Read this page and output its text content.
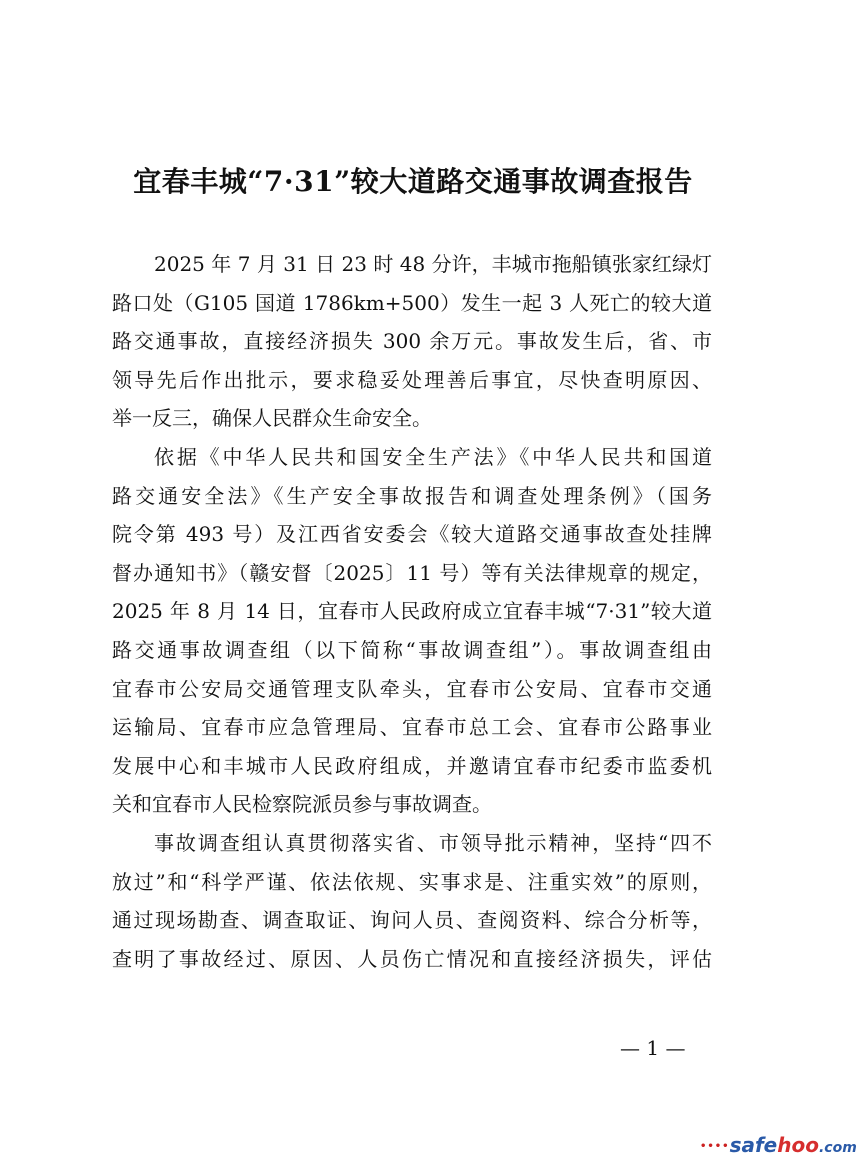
宜春丰城“7·31”较大道路交通事故调查报告
2025 年 7 月 31 日 23 时 48 分许，丰城市拖船镇张家红绿灯
路口处（G105 国道 1786km+500）发生一起 3 人死亡的较大道
路交通事故，直接经济损失 300 余万元。事故发生后，省、市
领导先后作出批示，要求稳妥处理善后事宜，尽快查明原因、
举一反三，确保人民群众生命安全。
依据《中华人民共和国安全生产法》《中华人民共和国道
路交通安全法》《生产安全事故报告和调查处理条例》（国务
院令第 493 号）及江西省安委会《较大道路交通事故查处挂牌
督办通知书》（赣安督〔2025〕11 号）等有关法律规章的规定，
2025 年 8 月 14 日，宜春市人民政府成立宜春丰城“7·31”较大道
路交通事故调查组（以下简称“事故调查组”）。事故调查组由
宜春市公安局交通管理支队牵头，宜春市公安局、宜春市交通
运输局、宜春市应急管理局、宜春市总工会、宜春市公路事业
发展中心和丰城市人民政府组成，并邀请宜春市纪委市监委机
关和宜春市人民检察院派员参与事故调查。
事故调查组认真贯彻落实省、市领导批示精神，坚持“四不
放过”和“科学严谨、依法依规、实事求是、注重实效”的原则，
通过现场勘查、调查取证、询问人员、查阅资料、综合分析等，
查明了事故经过、原因、人员伤亡情况和直接经济损失，评估
— 1 —
••••safehoo.com
